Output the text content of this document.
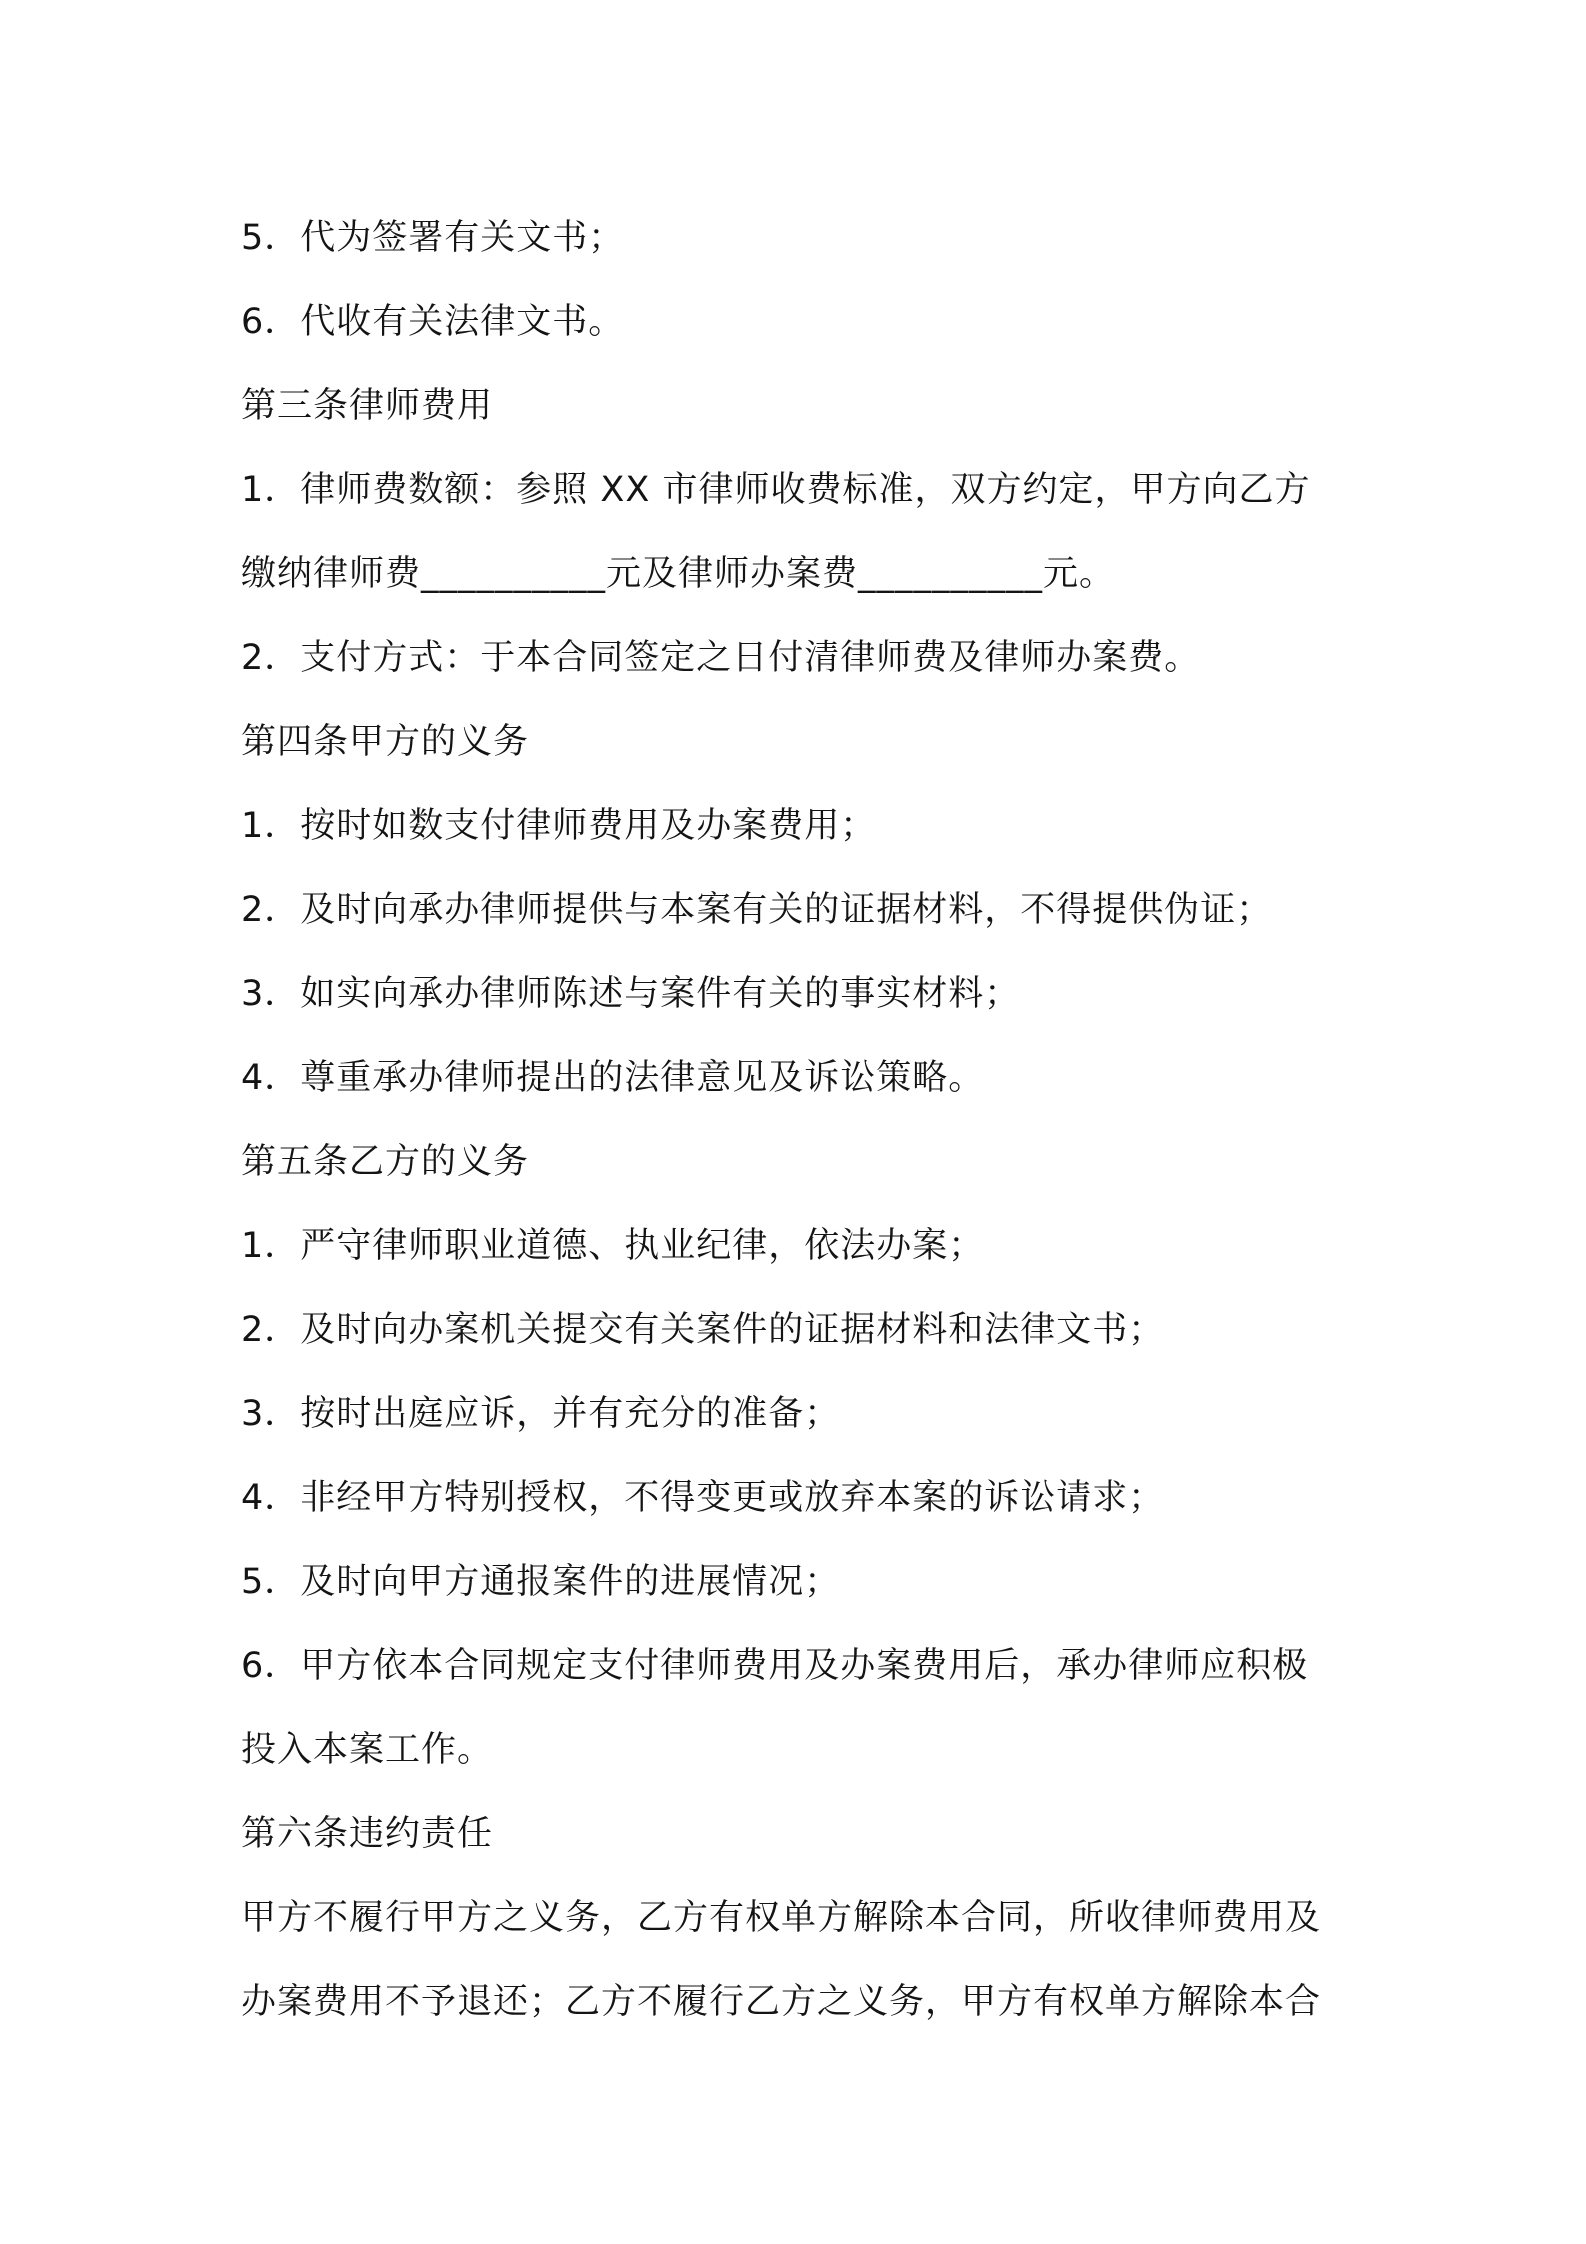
5．代为签署有关文书；
6．代收有关法律文书。
第三条律师费用
1．律师费数额：参照 XX 市律师收费标准，双方约定，甲方向乙方
缴纳律师费__________元及律师办案费__________元。
2．支付方式：于本合同签定之日付清律师费及律师办案费。
第四条甲方的义务
1．按时如数支付律师费用及办案费用；
2．及时向承办律师提供与本案有关的证据材料，不得提供伪证；
3．如实向承办律师陈述与案件有关的事实材料；
4．尊重承办律师提出的法律意见及诉讼策略。
第五条乙方的义务
1．严守律师职业道德、执业纪律，依法办案；
2．及时向办案机关提交有关案件的证据材料和法律文书；
3．按时出庭应诉，并有充分的准备；
4．非经甲方特别授权，不得变更或放弃本案的诉讼请求；
5．及时向甲方通报案件的进展情况；
6．甲方依本合同规定支付律师费用及办案费用后，承办律师应积极
投入本案工作。
第六条违约责任
甲方不履行甲方之义务，乙方有权单方解除本合同，所收律师费用及
办案费用不予退还；乙方不履行乙方之义务，甲方有权单方解除本合
